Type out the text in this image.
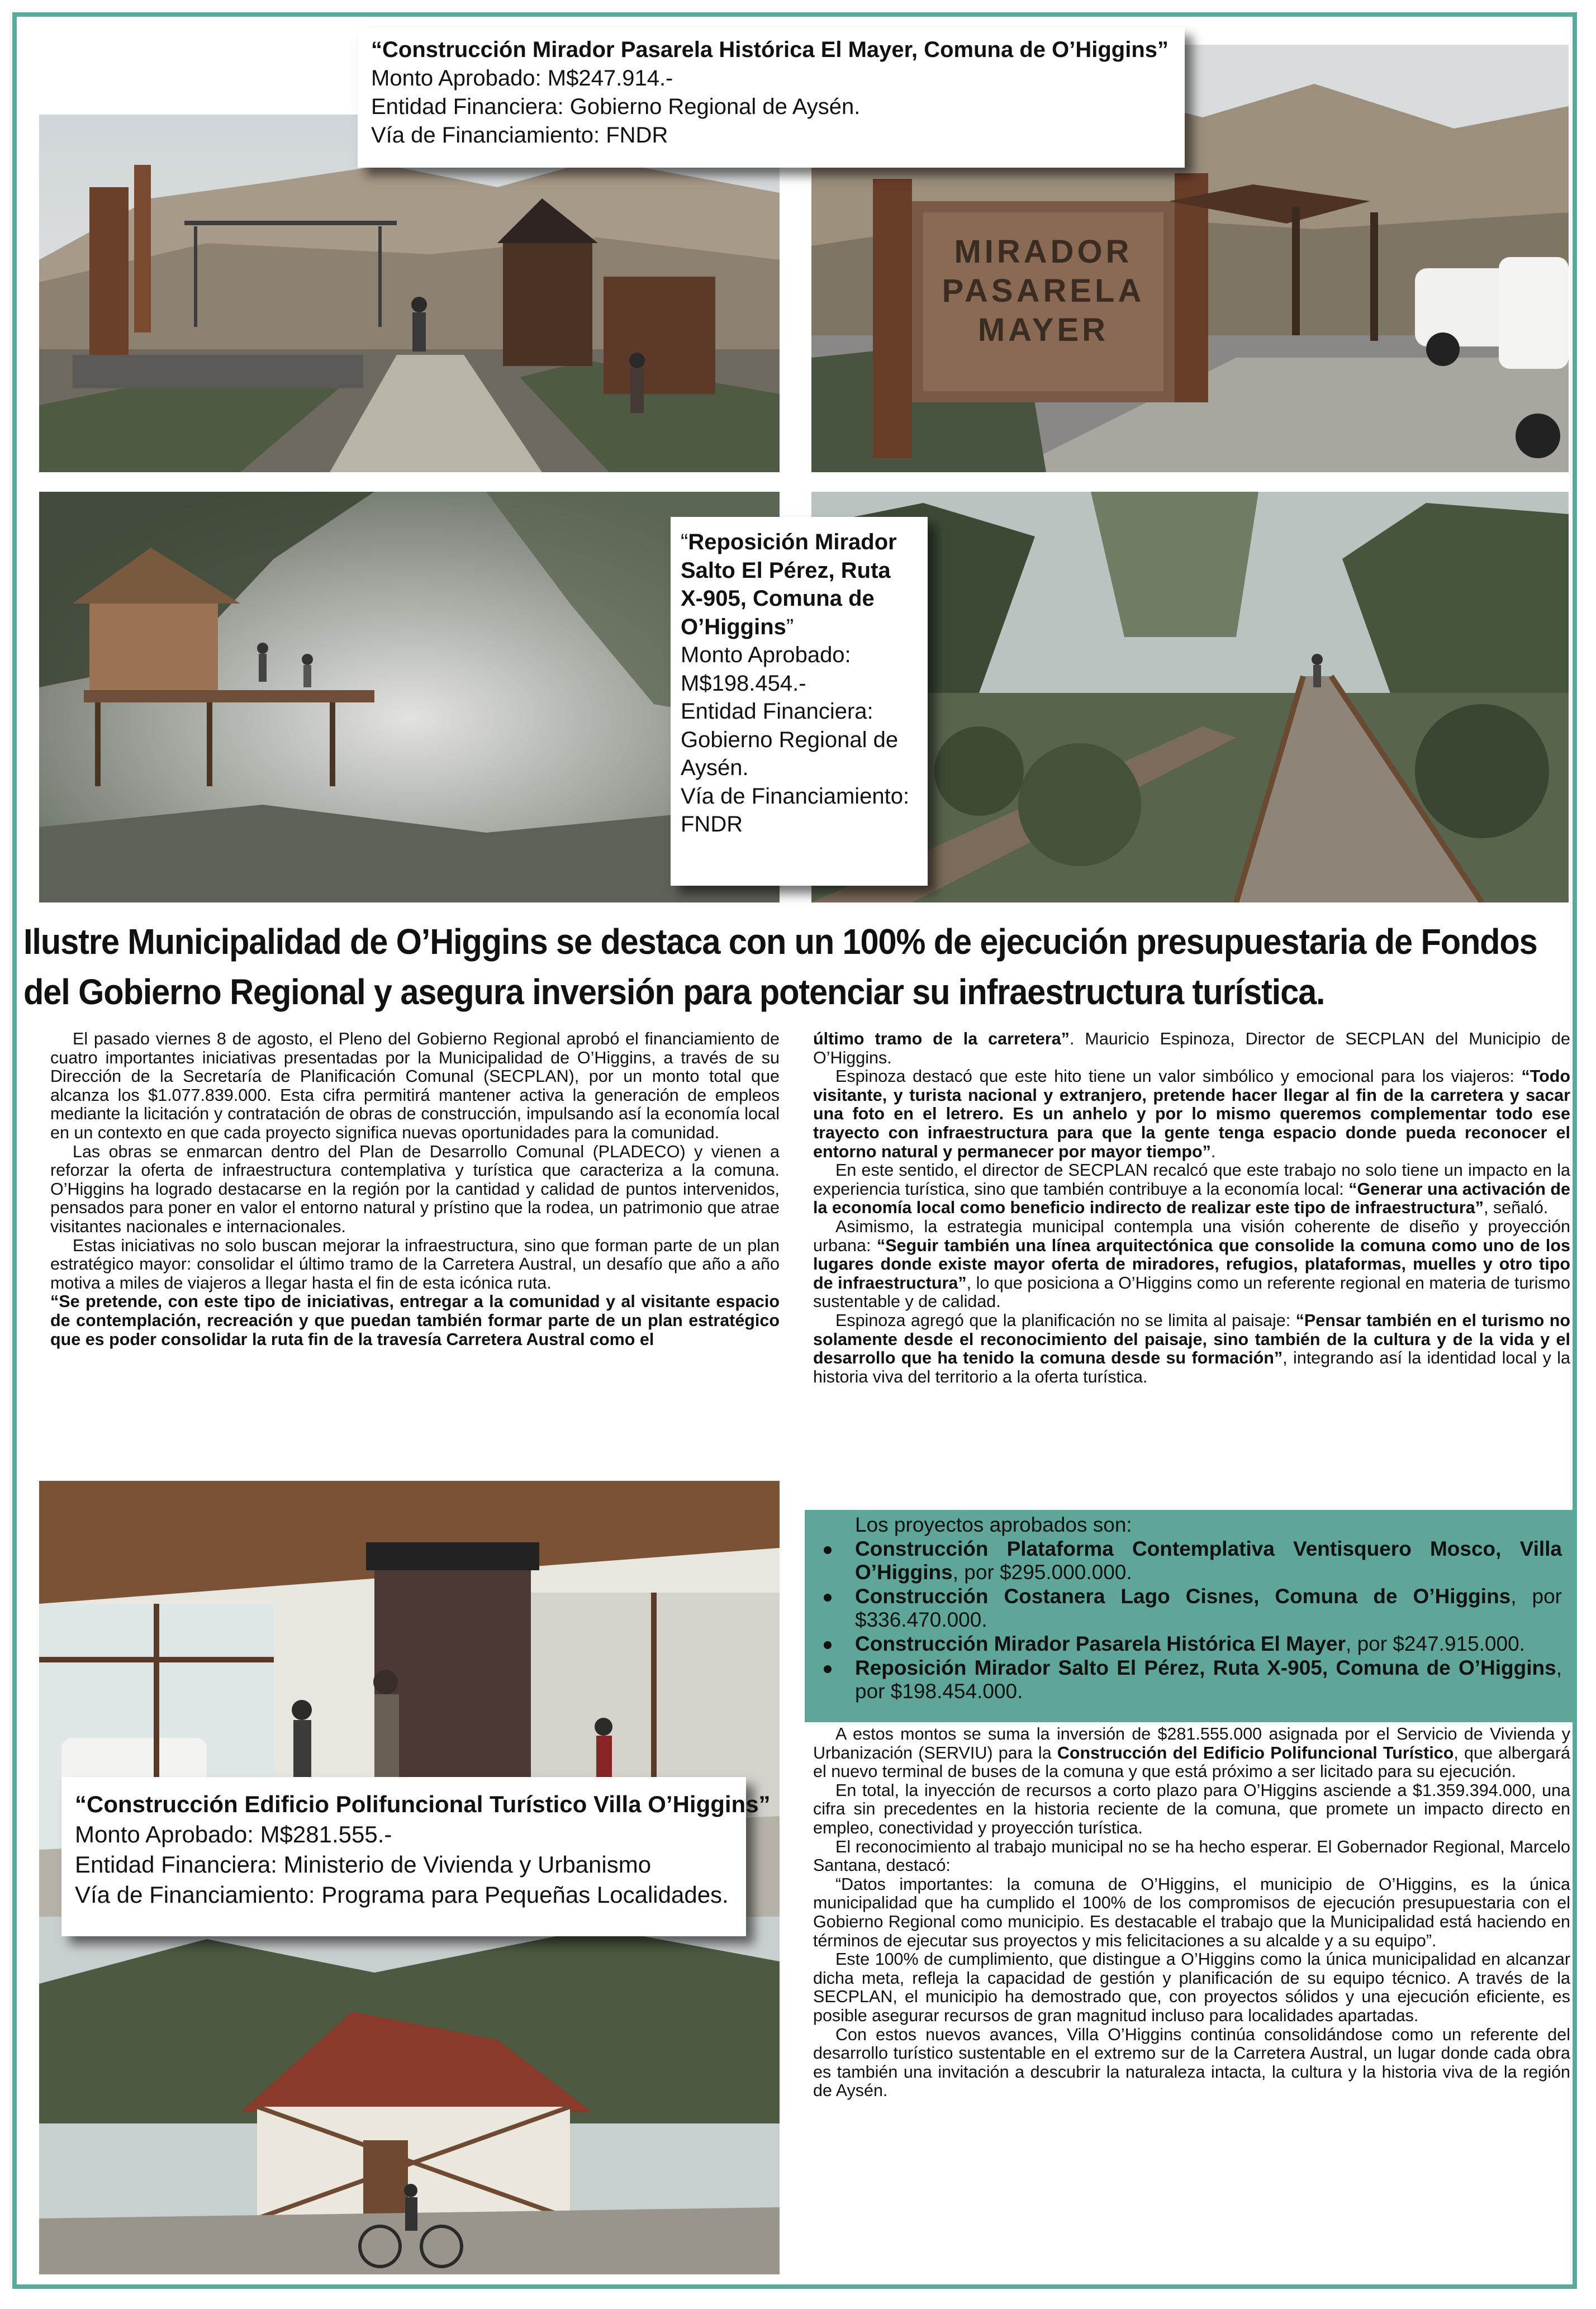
MIRADOR
PASARELA
MAYER
“Construcción Mirador Pasarela Histórica El Mayer, Comuna de O’Higgins”
Monto Aprobado: M$247.914.-
Entidad Financiera: Gobierno Regional de Aysén.
Vía de Financiamiento: FNDR
“Reposición Mirador Salto El Pérez, Ruta X-905, Comuna de O’Higgins”
Monto Aprobado: M$198.454.-
Entidad Financiera: Gobierno Regional de Aysén.
Vía de Financiamiento: FNDR
“Construcción Edificio Polifuncional Turístico Villa O’Higgins”
Monto Aprobado: M$281.555.-
Entidad Financiera: Ministerio de Vivienda y Urbanismo
Vía de Financiamiento: Programa para Pequeñas Localidades.
Ilustre Municipalidad de O’Higgins se destaca con un 100% de ejecución presupuestaria de Fondos
del Gobierno Regional y asegura inversión para potenciar su infraestructura turística.

El pasado viernes 8 de agosto, el Pleno del Gobierno Regional aprobó el financiamiento de cuatro importantes iniciativas presentadas por la Municipalidad de O’Higgins, a través de su Dirección de la Secretaría de Planificación Comunal (SECPLAN), por un monto total que alcanza los $1.077.839.000. Esta cifra permitirá mantener activa la generación de empleos mediante la licitación y contratación de obras de construcción, impulsando así la economía local en un contexto en que cada proyecto significa nuevas oportunidades para la comunidad.

Las obras se enmarcan dentro del Plan de Desarrollo Comunal (PLADECO) y vienen a reforzar la oferta de infraestructura contemplativa y turística que caracteriza a la comuna. O’Higgins ha logrado destacarse en la región por la cantidad y calidad de puntos intervenidos, pensados para poner en valor el entorno natural y prístino que la rodea, un patrimonio que atrae visitantes nacionales e internacionales.

Estas iniciativas no solo buscan mejorar la infraestructura, sino que forman parte de un plan estratégico mayor: consolidar el último tramo de la Carretera Austral, un desafío que año a año motiva a miles de viajeros a llegar hasta el fin de esta icónica ruta.

“Se pretende, con este tipo de iniciativas, entregar a la comunidad y al visitante espacio de contemplación, recreación y que puedan también formar parte de un plan estratégico que es poder consolidar la ruta fin de la travesía Carretera Austral como el

último tramo de la carretera”. Mauricio Espinoza, Director de SECPLAN del Municipio de O’Higgins.

Espinoza destacó que este hito tiene un valor simbólico y emocional para los viajeros: “Todo visitante, y turista nacional y extranjero, pretende hacer llegar al fin de la carretera y sacar una foto en el letrero. Es un anhelo y por lo mismo queremos complementar todo ese trayecto con infraestructura para que la gente tenga espacio donde pueda reconocer el entorno natural y permanecer por mayor tiempo”.

En este sentido, el director de SECPLAN recalcó que este trabajo no solo tiene un impacto en la experiencia turística, sino que también contribuye a la economía local: “Generar una activación de la economía local como beneficio indirecto de realizar este tipo de infraestructura”, señaló.

Asimismo, la estrategia municipal contempla una visión coherente de diseño y proyección urbana: “Seguir también una línea arquitectónica que consolide la comuna como uno de los lugares donde existe mayor oferta de miradores, refugios, plataformas, muelles y otro tipo de infraestructura”, lo que posiciona a O’Higgins como un referente regional en materia de turismo sustentable y de calidad.

Espinoza agregó que la planificación no se limita al paisaje: “Pensar también en el turismo no solamente desde el reconocimiento del paisaje, sino también de la cultura y de la vida y el desarrollo que ha tenido la comuna desde su formación”, integrando así la identidad local y la historia viva del territorio a la oferta turística.

Los proyectos aprobados son:
Construcción Plataforma Contemplativa Ventisquero Mosco, Villa O’Higgins, por $295.000.000.
Construcción Costanera Lago Cisnes, Comuna de O’Higgins, por $336.470.000.
Construcción Mirador Pasarela Histórica El Mayer, por $247.915.000.
Reposición Mirador Salto El Pérez, Ruta X-905, Comuna de O’Higgins, por $198.454.000.

A estos montos se suma la inversión de $281.555.000 asignada por el Servicio de Vivienda y Urbanización (SERVIU) para la Construcción del Edificio Polifuncional Turístico, que albergará el nuevo terminal de buses de la comuna y que está próximo a ser licitado para su ejecución.

En total, la inyección de recursos a corto plazo para O’Higgins asciende a $1.359.394.000, una cifra sin precedentes en la historia reciente de la comuna, que promete un impacto directo en empleo, conectividad y proyección turística.

El reconocimiento al trabajo municipal no se ha hecho esperar. El Gobernador Regional, Marcelo Santana, destacó:

“Datos importantes: la comuna de O’Higgins, el municipio de O’Higgins, es la única municipalidad que ha cumplido el 100% de los compromisos de ejecución presupuestaria con el Gobierno Regional como municipio. Es destacable el trabajo que la Municipalidad está haciendo en términos de ejecutar sus proyectos y mis felicitaciones a su alcalde y a su equipo”.

Este 100% de cumplimiento, que distingue a O’Higgins como la única municipalidad en alcanzar dicha meta, refleja la capacidad de gestión y planificación de su equipo técnico. A través de la SECPLAN, el municipio ha demostrado que, con proyectos sólidos y una ejecución eficiente, es posible asegurar recursos de gran magnitud incluso para localidades apartadas.

Con estos nuevos avances, Villa O’Higgins continúa consolidándose como un referente del desarrollo turístico sustentable en el extremo sur de la Carretera Austral, un lugar donde cada obra es también una invitación a descubrir la naturaleza intacta, la cultura y la historia viva de la región de Aysén.
